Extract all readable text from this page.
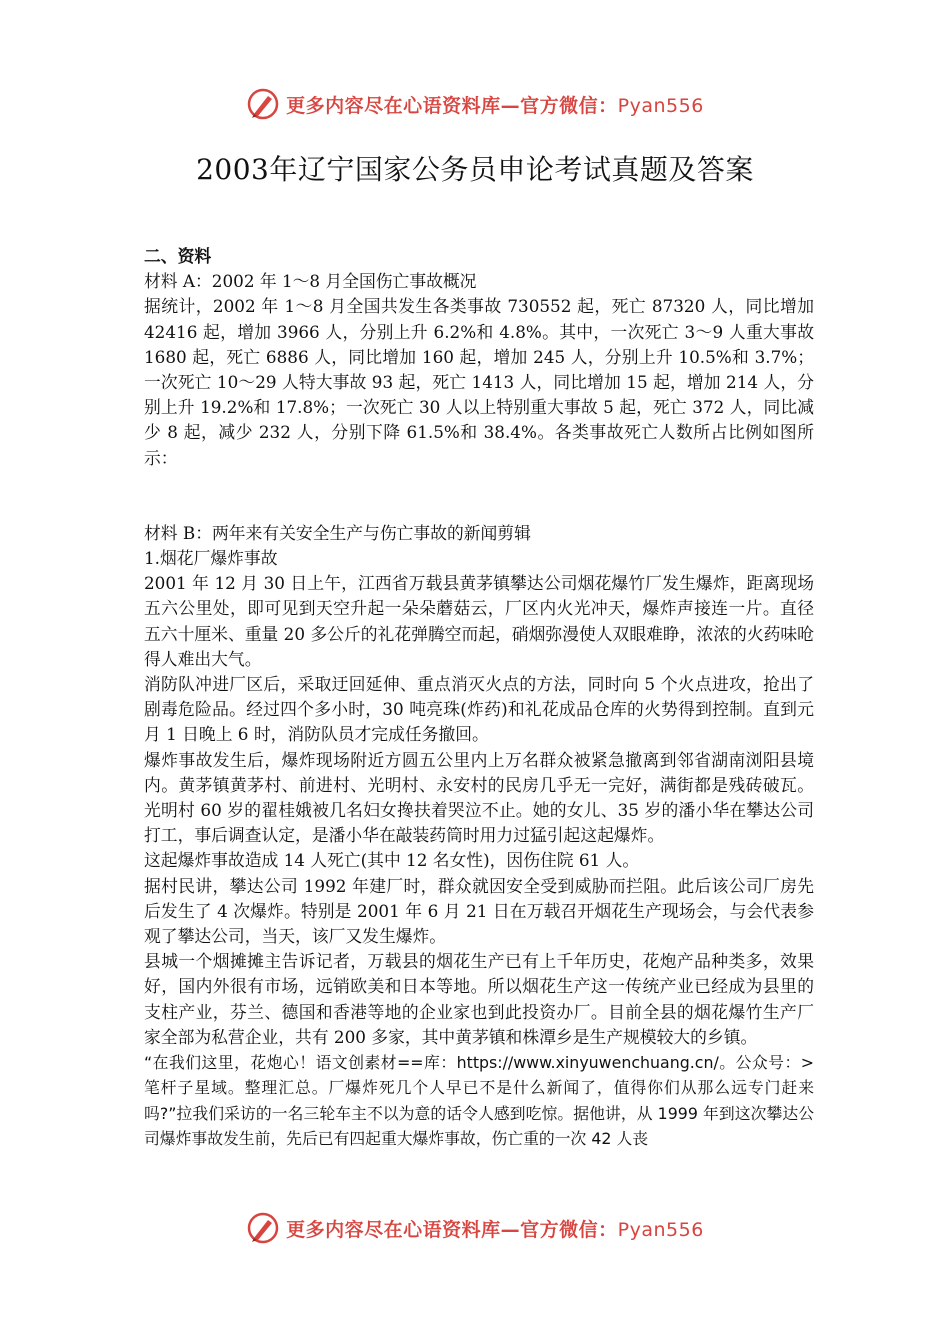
更多内容尽在心语资料库—官方微信：Pyan556
2003年辽宁国家公务员申论考试真题及答案

二、资料

材料 A：2002 年 1～8 月全国伤亡事故概况

据统计，2002 年 1～8 月全国共发生各类事故 730552 起，死亡 87320 人，同比增加 42416 起，增加 3966 人，分别上升 6.2%和 4.8%。其中，一次死亡 3～9 人重大事故 1680 起，死亡 6886 人，同比增加 160 起，增加 245 人，分别上升 10.5%和 3.7%；一次死亡 10～29 人特大事故 93 起，死亡 1413 人，同比增加 15 起，增加 214 人，分别上升 19.2%和 17.8%；一次死亡 30 人以上特别重大事故 5 起，死亡 372 人，同比减少 8 起，减少 232 人，分别下降 61.5%和 38.4%。各类事故死亡人数所占比例如图所示：

材料 B：两年来有关安全生产与伤亡事故的新闻剪辑

1.烟花厂爆炸事故

2001 年 12 月 30 日上午，江西省万载县黄茅镇攀达公司烟花爆竹厂发生爆炸，距离现场五六公里处，即可见到天空升起一朵朵蘑菇云，厂区内火光冲天，爆炸声接连一片。直径五六十厘米、重量 20 多公斤的礼花弹腾空而起，硝烟弥漫使人双眼难睁，浓浓的火药味呛得人难出大气。

消防队冲进厂区后，采取迂回延伸、重点消灭火点的方法，同时向 5 个火点进攻，抢出了剧毒危险品。经过四个多小时，30 吨亮珠(炸药)和礼花成品仓库的火势得到控制。直到元月 1 日晚上 6 时，消防队员才完成任务撤回。

爆炸事故发生后，爆炸现场附近方圆五公里内上万名群众被紧急撤离到邻省湖南浏阳县境内。黄茅镇黄茅村、前进村、光明村、永安村的民房几乎无一完好，满街都是残砖破瓦。光明村 60 岁的翟桂娥被几名妇女搀扶着哭泣不止。她的女儿、35 岁的潘小华在攀达公司打工，事后调查认定，是潘小华在敲装药筒时用力过猛引起这起爆炸。

这起爆炸事故造成 14 人死亡(其中 12 名女性)，因伤住院 61 人。

据村民讲，攀达公司 1992 年建厂时，群众就因安全受到威胁而拦阻。此后该公司厂房先后发生了 4 次爆炸。特别是 2001 年 6 月 21 日在万载召开烟花生产现场会，与会代表参观了攀达公司，当天，该厂又发生爆炸。

县城一个烟摊摊主告诉记者，万载县的烟花生产已有上千年历史，花炮产品种类多，效果好，国内外很有市场，远销欧美和日本等地。所以烟花生产这一传统产业已经成为县里的支柱产业，芬兰、德国和香港等地的企业家也到此投资办厂。目前全县的烟花爆竹生产厂家全部为私营企业，共有 200 多家，其中黄茅镇和株潭乡是生产规模较大的乡镇。

“在我们这里，花炮心！语文创素材==库：https://www.xinyuwenchuang.cn/。公众号：>笔杆子星域。整理汇总。厂爆炸死几个人早已不是什么新闻了，值得你们从那么远专门赶来吗?”拉我们采访的一名三轮车主不以为意的话令人感到吃惊。据他讲，从 1999 年到这次攀达公司爆炸事故发生前，先后已有四起重大爆炸事故，伤亡重的一次 42 人丧

更多内容尽在心语资料库—官方微信：Pyan556
